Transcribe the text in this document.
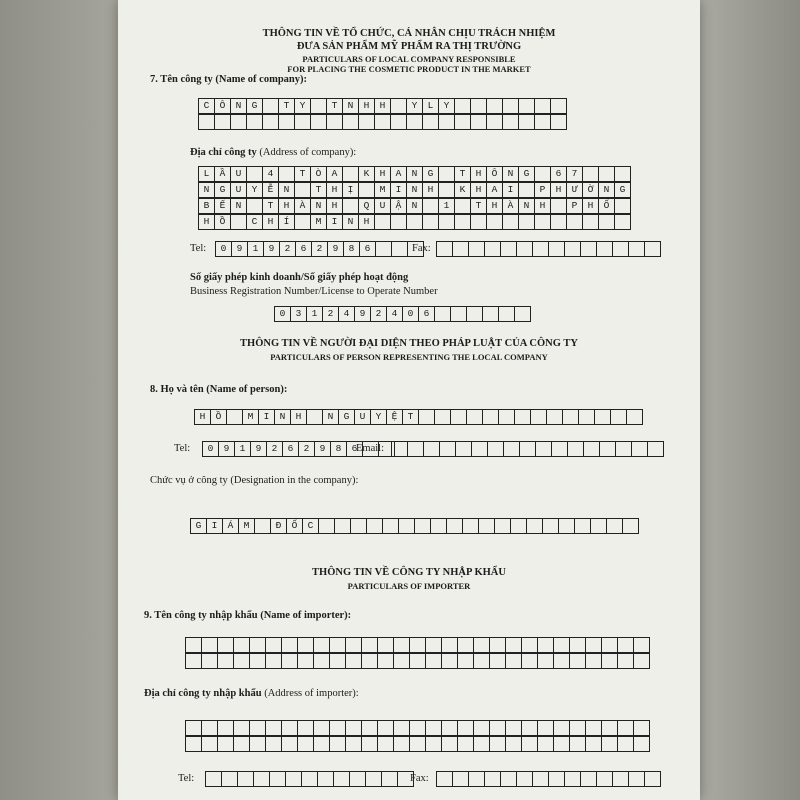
THÔNG TIN VỀ TỔ CHỨC, CÁ NHÂN CHỊU TRÁCH NHIỆM
ĐƯA SẢN PHẨM MỸ PHẨM RA THỊ TRƯỜNG
PARTICULARS OF LOCAL COMPANY RESPONSIBLE
FOR PLACING THE COSMETIC PRODUCT IN THE MARKET
7. Tên công ty (Name of company):
C	Ô	N	G	T	Y	T	N	H	H	Y	L	Y
Địa chỉ công ty (Address of company):
L	Ầ	U	4	T	Ò	A	K	H	A	N	G	T	H	Ô	N	G	6	7
N	G	U	Y	Ễ	N	T	H	Ị	M	I	N	H	K	H	A	I	P	H	Ư	Ờ	N	G
B	Ế	N	T	H	À	N	H	Q	U	Ậ	N	1	T	H	À	N	H	P	H	Ố
H	Ồ	C	H	Í	M	I	N	H
Tel:	0	9	1	9	2	6	2	9	8	6	Fax:
Số giấy phép kinh doanh/Số giấy phép hoạt động
Business Registration Number/License to Operate Number
0	3	1	2	4	9	2	4	0	6
THÔNG TIN VỀ NGƯỜI ĐẠI DIỆN THEO PHÁP LUẬT CỦA CÔNG TY
PARTICULARS OF PERSON REPRESENTING THE LOCAL COMPANY
8. Họ và tên (Name of person):
H	Ồ	M	I	N	H	N	G	U	Y	Ệ	T
Tel:	0	9	1	9	2	6	2	9	8	6
Email:
Chức vụ ở công ty (Designation in the company):
G	I	Á	M	Đ	Ố	C
THÔNG TIN VỀ CÔNG TY NHẬP KHẨU
PARTICULARS OF IMPORTER
9. Tên công ty nhập khẩu (Name of importer):
Địa chỉ công ty nhập khẩu (Address of importer):
Tel:	Fax:
